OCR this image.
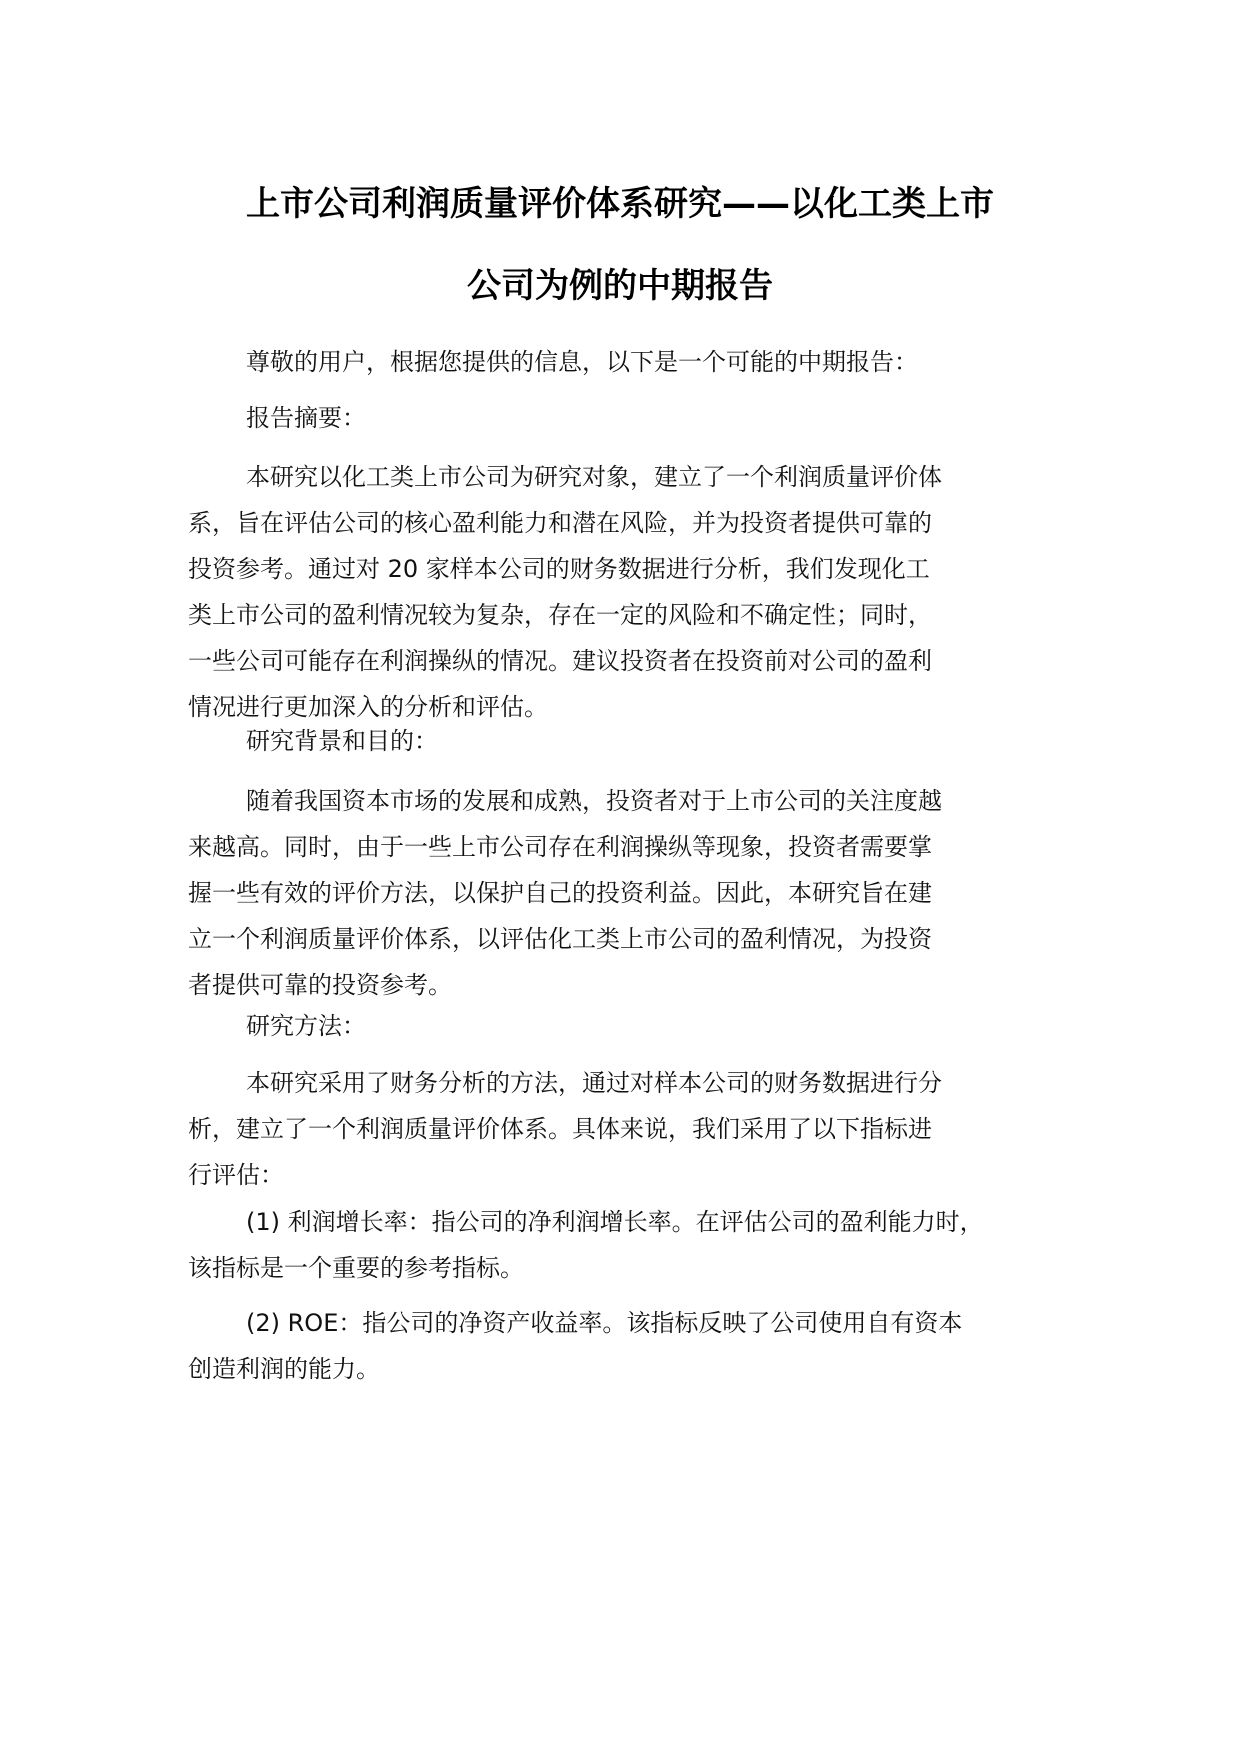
上市公司利润质量评价体系研究——以化工类上市
公司为例的中期报告

尊敬的用户，根据您提供的信息，以下是一个可能的中期报告：

报告摘要：

本研究以化工类上市公司为研究对象，建立了一个利润质量评价体系，旨在评估公司的核心盈利能力和潜在风险，并为投资者提供可靠的投资参考。通过对 20 家样本公司的财务数据进行分析，我们发现化工类上市公司的盈利情况较为复杂，存在一定的风险和不确定性；同时，一些公司可能存在利润操纵的情况。建议投资者在投资前对公司的盈利情况进行更加深入的分析和评估。

研究背景和目的：

随着我国资本市场的发展和成熟，投资者对于上市公司的关注度越来越高。同时，由于一些上市公司存在利润操纵等现象，投资者需要掌握一些有效的评价方法，以保护自己的投资利益。因此，本研究旨在建立一个利润质量评价体系，以评估化工类上市公司的盈利情况，为投资者提供可靠的投资参考。

研究方法：

本研究采用了财务分析的方法，通过对样本公司的财务数据进行分析，建立了一个利润质量评价体系。具体来说，我们采用了以下指标进行评估：

(1) 利润增长率：指公司的净利润增长率。在评估公司的盈利能力时，该指标是一个重要的参考指标。

(2) ROE：指公司的净资产收益率。该指标反映了公司使用自有资本创造利润的能力。
